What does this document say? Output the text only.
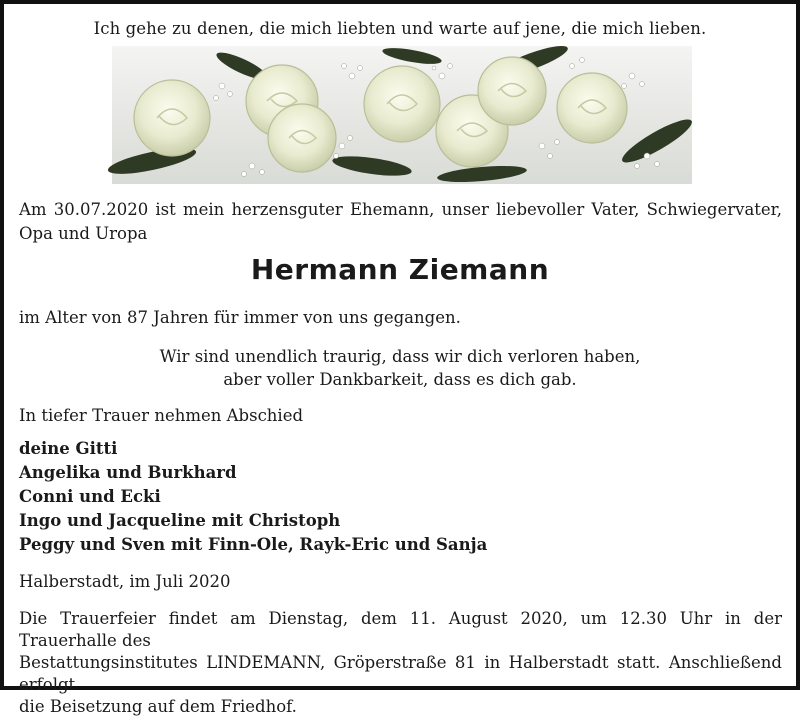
Ich gehe zu denen, die mich liebten und warte auf jene, die mich lieben.
Am 30.07.2020 ist mein herzensguter Ehemann, unser liebevoller Vater, Schwiegervater, Opa und Uropa
Hermann Ziemann
im Alter von 87 Jahren für immer von uns gegangen.
Wir sind unendlich traurig, dass wir dich verloren haben,
aber voller Dankbarkeit, dass es dich gab.
In tiefer Trauer nehmen Abschied
deine Gitti
Angelika und Burkhard
Conni und Ecki
Ingo und Jacqueline mit Christoph
Peggy und Sven mit Finn-Ole, Rayk-Eric und Sanja
Halberstadt, im Juli 2020
Die Trauerfeier findet am Dienstag, dem 11. August 2020, um 12.30 Uhr in der Trauerhalle des
Bestattungsinstitutes LINDEMANN, Gröperstraße 81 in Halberstadt statt. Anschließend erfolgt
die Beisetzung auf dem Friedhof.
